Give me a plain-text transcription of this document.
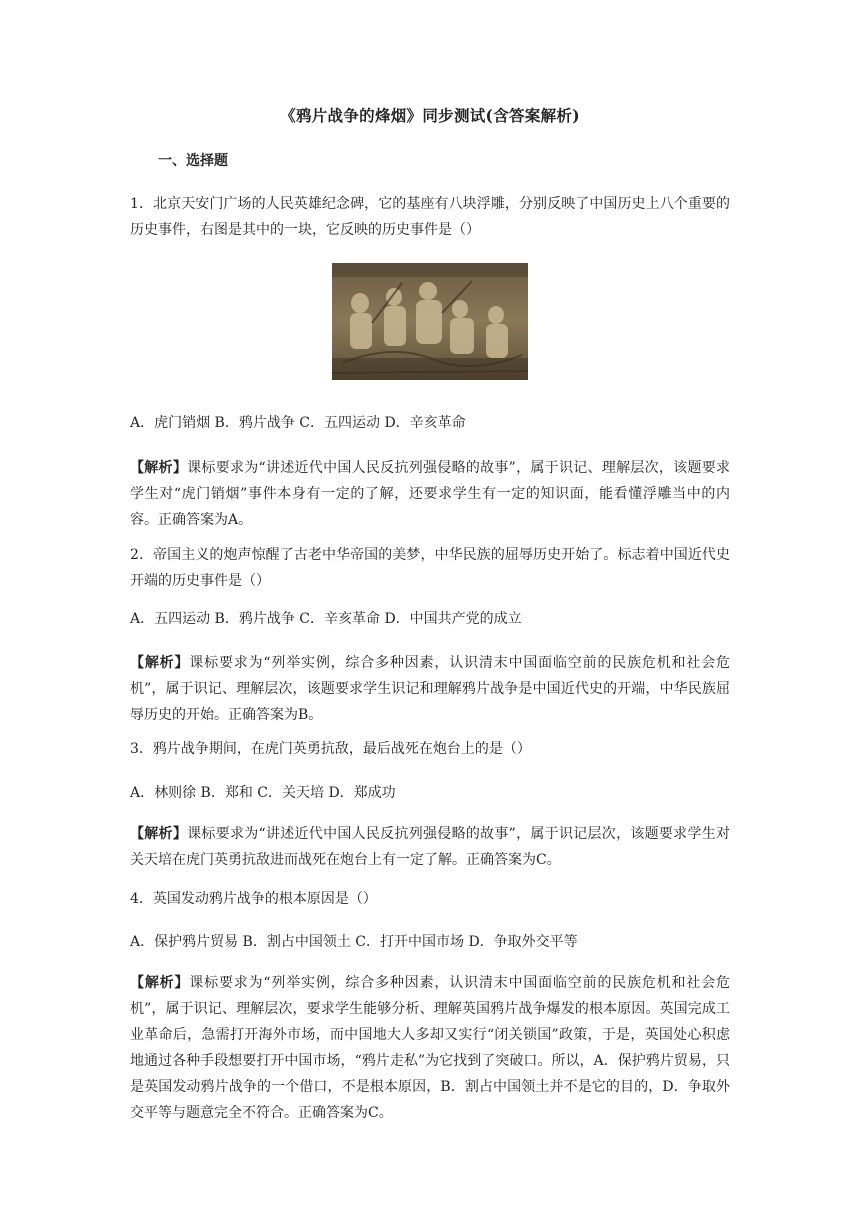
《鸦片战争的烽烟》同步测试(含答案解析)
一、选择题

1．北京天安门广场的人民英雄纪念碑，它的基座有八块浮雕，分别反映了中国历史上八个重要的历史事件，右图是其中的一块，它反映的历史事件是（）

A．虎门销烟 B．鸦片战争 C．五四运动 D．辛亥革命

【解析】课标要求为“讲述近代中国人民反抗列强侵略的故事”，属于识记、理解层次，该题要求学生对“虎门销烟”事件本身有一定的了解，还要求学生有一定的知识面，能看懂浮雕当中的内容。正确答案为A。

2．帝国主义的炮声惊醒了古老中华帝国的美梦，中华民族的屈辱历史开始了。标志着中国近代史开端的历史事件是（）

A．五四运动 B．鸦片战争 C．辛亥革命 D．中国共产党的成立

【解析】课标要求为“列举实例，综合多种因素，认识清末中国面临空前的民族危机和社会危机”，属于识记、理解层次，该题要求学生识记和理解鸦片战争是中国近代史的开端，中华民族屈辱历史的开始。正确答案为B。

3．鸦片战争期间，在虎门英勇抗敌，最后战死在炮台上的是（）

A．林则徐 B．郑和 C．关天培 D．郑成功

【解析】课标要求为“讲述近代中国人民反抗列强侵略的故事”，属于识记层次，该题要求学生对关天培在虎门英勇抗敌进而战死在炮台上有一定了解。正确答案为C。

4．英国发动鸦片战争的根本原因是（）

A．保护鸦片贸易 B．割占中国领土 C．打开中国市场 D．争取外交平等

【解析】课标要求为“列举实例，综合多种因素，认识清末中国面临空前的民族危机和社会危机”，属于识记、理解层次，要求学生能够分析、理解英国鸦片战争爆发的根本原因。英国完成工业革命后，急需打开海外市场，而中国地大人多却又实行“闭关锁国”政策，于是，英国处心积虑地通过各种手段想要打开中国市场，“鸦片走私”为它找到了突破口。所以，A．保护鸦片贸易，只是英国发动鸦片战争的一个借口，不是根本原因，B．割占中国领土并不是它的目的，D．争取外交平等与题意完全不符合。正确答案为C。
